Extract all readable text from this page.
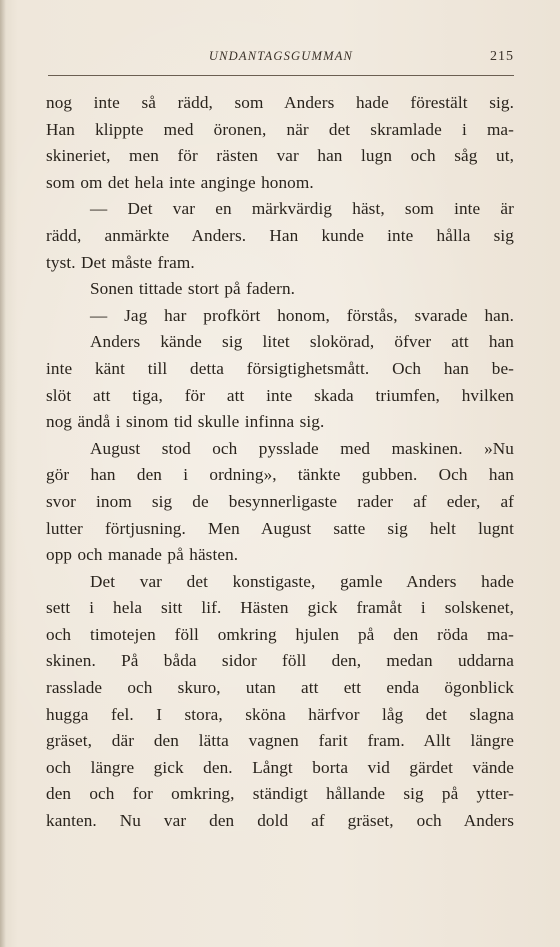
UNDANTAGSGUMMAN	215
nog inte så rädd, som Anders hade förestält sig.
Han klippte med öronen, när det skramlade i ma-
skineriet, men för rästen var han lugn och såg ut,
som om det hela inte anginge honom.
— Det var en märkvärdig häst, som inte är
rädd, anmärkte Anders. Han kunde inte hålla sig
tyst. Det måste fram.
Sonen tittade stort på fadern.
— Jag har profkört honom, förstås, svarade han.
Anders kände sig litet slokörad, öfver att han
inte känt till detta försigtighetsmått. Och han be-
slöt att tiga, för att inte skada triumfen, hvilken
nog ändå i sinom tid skulle infinna sig.
August stod och pysslade med maskinen. »Nu
gör han den i ordning», tänkte gubben. Och han
svor inom sig de besynnerligaste rader af eder, af
lutter förtjusning. Men August satte sig helt lugnt
opp och manade på hästen.
Det var det konstigaste, gamle Anders hade
sett i hela sitt lif. Hästen gick framåt i solskenet,
och timotejen föll omkring hjulen på den röda ma-
skinen. På båda sidor föll den, medan uddarna
rasslade och skuro, utan att ett enda ögonblick
hugga fel. I stora, sköna härfvor låg det slagna
gräset, där den lätta vagnen farit fram. Allt längre
och längre gick den. Långt borta vid gärdet vände
den och for omkring, ständigt hållande sig på ytter-
kanten. Nu var den dold af gräset, och Anders
